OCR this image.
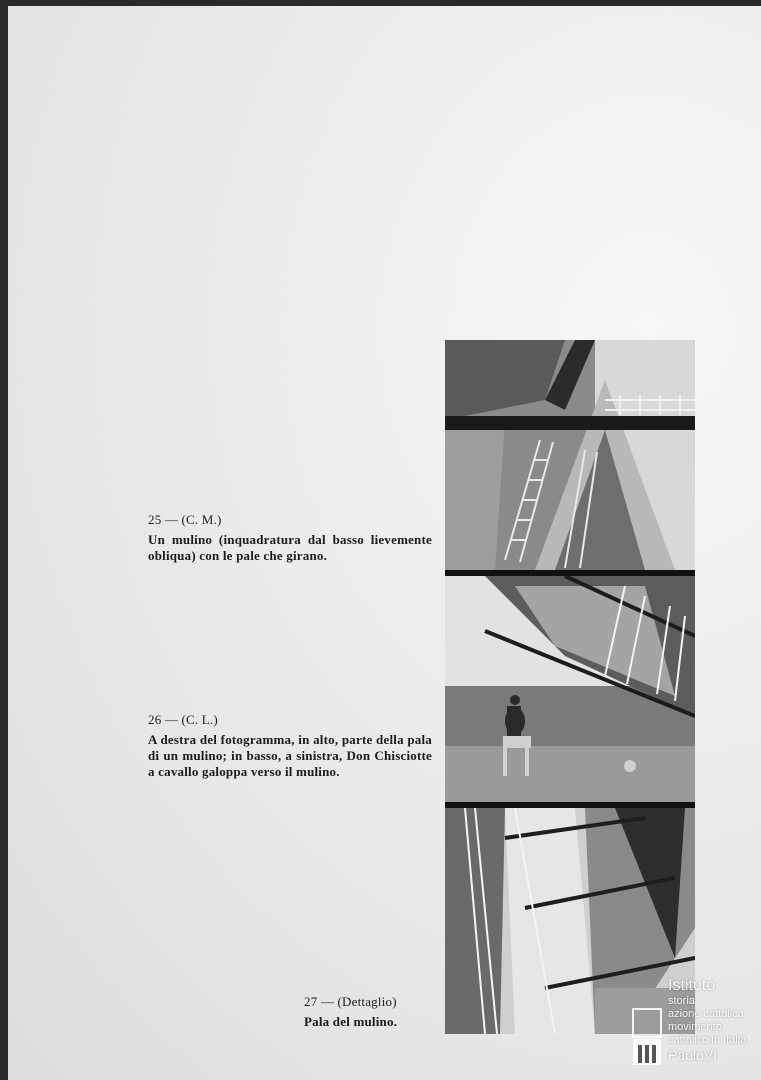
25 — (C. M.)
Un mulino (inquadratura dal basso lievemente obliqua) con le pale che girano.
26 — (C. L.)
A destra del fotogramma, in alto, parte della pala di un mulino; in basso, a sinistra, Don Chisciotte a cavallo galoppa verso il mulino.
27 — (Dettaglio)
Pala del mulino.
Istituto
storia
azione cattolica
movimento
cattolico in Italia
PaoloVI
